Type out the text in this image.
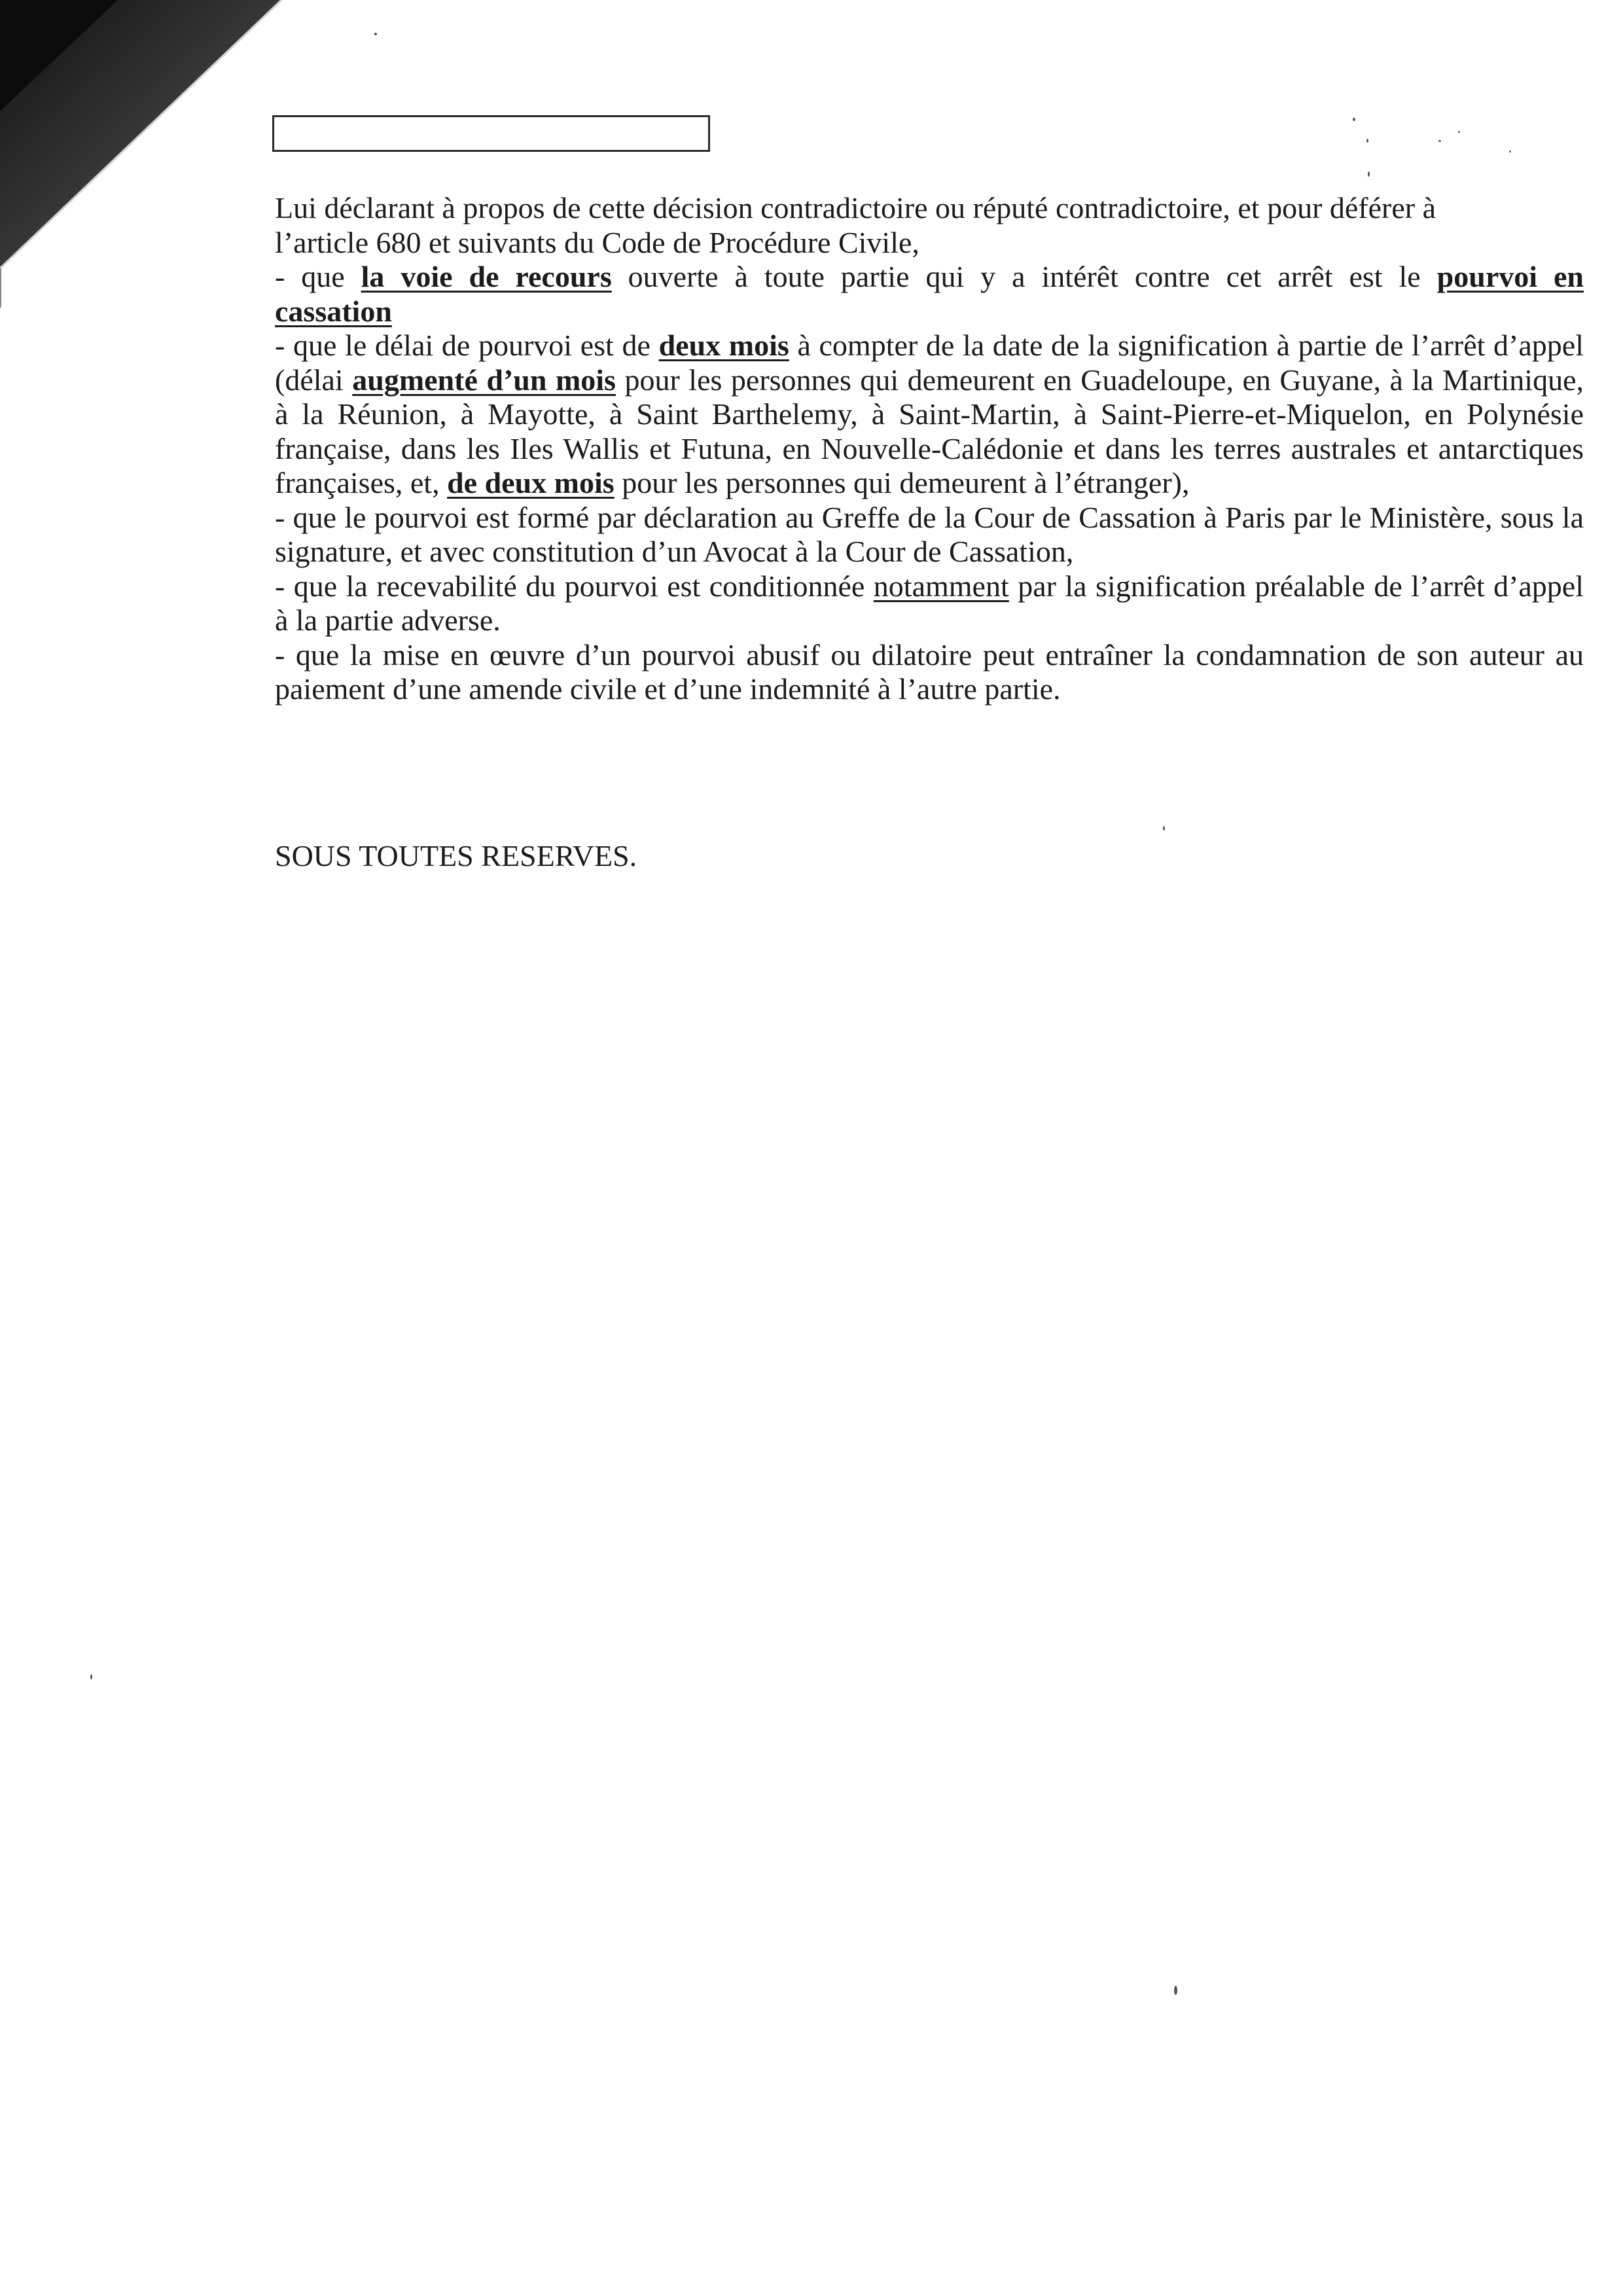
Lui déclarant à propos de cette décision contradictoire ou réputé contradictoire, et pour déférer à
l’article 680 et suivants du Code de Procédure Civile,
- que la voie de recours ouverte à toute partie qui y a intérêt contre cet arrêt est le pourvoi en
cassation
- que le délai de pourvoi est de deux mois à compter de la date de la signification à partie de l’arrêt d’appel (délai augmenté d’un mois pour les personnes qui demeurent en Guadeloupe, en Guyane, à la Martinique, à la Réunion, à Mayotte, à Saint Barthelemy, à Saint-Martin, à Saint-Pierre-et-Miquelon, en Polynésie française, dans les Iles Wallis et Futuna, en Nouvelle-Calédonie et dans les terres australes et antarctiques françaises, et, de deux mois pour les personnes qui demeurent à l’étranger),
- que le pourvoi est formé par déclaration au Greffe de la Cour de Cassation à Paris par le Ministère, sous la signature, et avec constitution d’un Avocat à la Cour de Cassation,
- que la recevabilité du pourvoi est conditionnée notamment par la signification préalable de l’arrêt d’appel à la partie adverse.
- que la mise en œuvre d’un pourvoi abusif ou dilatoire peut entraîner la condamnation de son auteur au paiement d’une amende civile et d’une indemnité à l’autre partie.
SOUS TOUTES RESERVES.
